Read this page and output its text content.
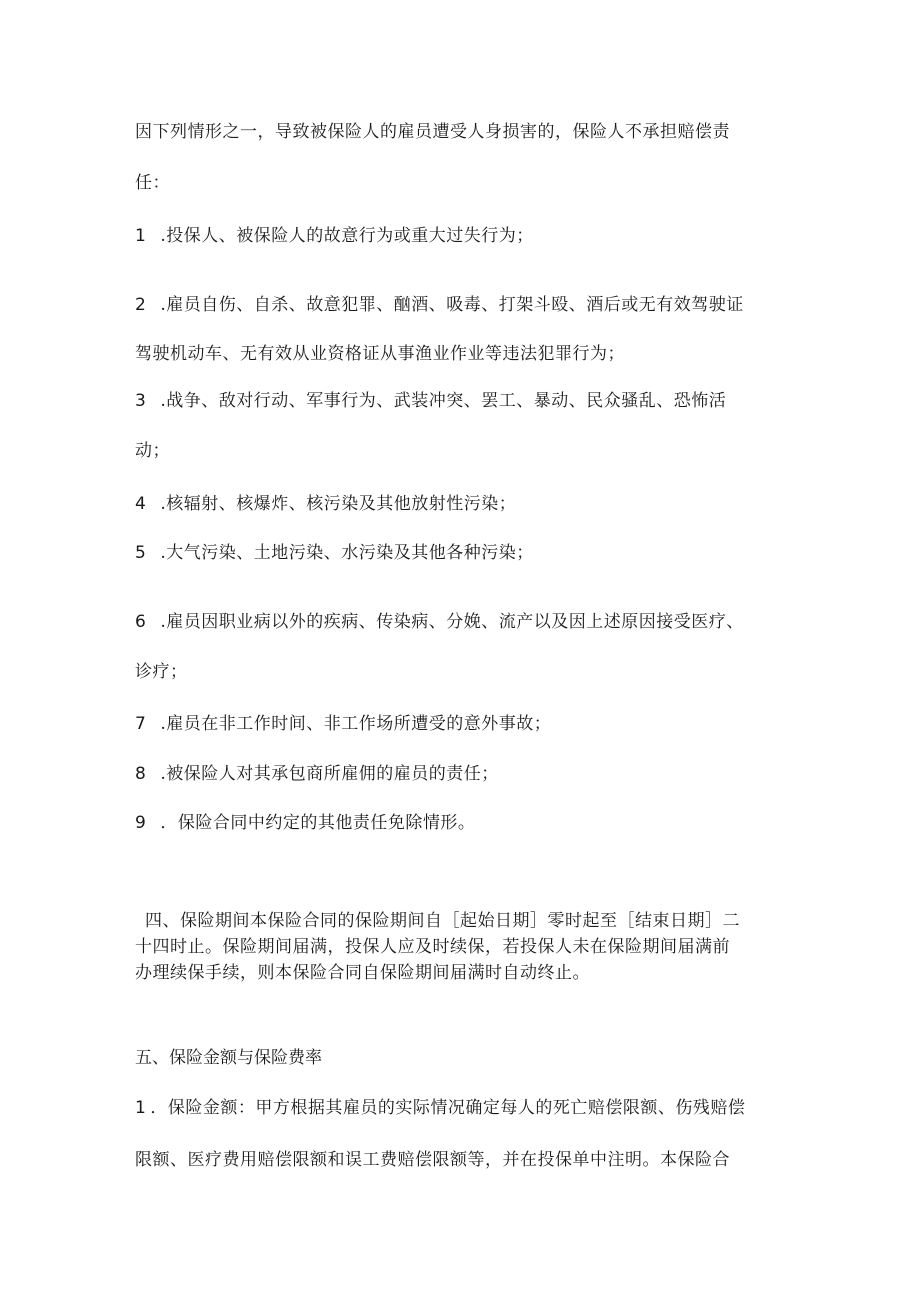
因下列情形之一，导致被保险人的雇员遭受人身损害的，保险人不承担赔偿责
任：
1 .投保人、被保险人的故意行为或重大过失行为；
2 .雇员自伤、自杀、故意犯罪、酗酒、吸毒、打架斗殴、酒后或无有效驾驶证
驾驶机动车、无有效从业资格证从事渔业作业等违法犯罪行为；
3 .战争、敌对行动、军事行为、武装冲突、罢工、暴动、民众骚乱、恐怖活
动；
4 .核辐射、核爆炸、核污染及其他放射性污染；
5 .大气污染、土地污染、水污染及其他各种污染；
6 .雇员因职业病以外的疾病、传染病、分娩、流产以及因上述原因接受医疗、
诊疗；
7 .雇员在非工作时间、非工作场所遭受的意外事故；
8 .被保险人对其承包商所雇佣的雇员的责任；
9 ．保险合同中约定的其他责任免除情形。
四、保险期间本保险合同的保险期间自［起始日期］零时起至［结束日期］二
十四时止。保险期间届满，投保人应及时续保，若投保人未在保险期间届满前
办理续保手续，则本保险合同自保险期间届满时自动终止。
五、保险金额与保险费率
1 ．保险金额：甲方根据其雇员的实际情况确定每人的死亡赔偿限额、伤残赔偿
限额、医疗费用赔偿限额和误工费赔偿限额等，并在投保单中注明。本保险合
